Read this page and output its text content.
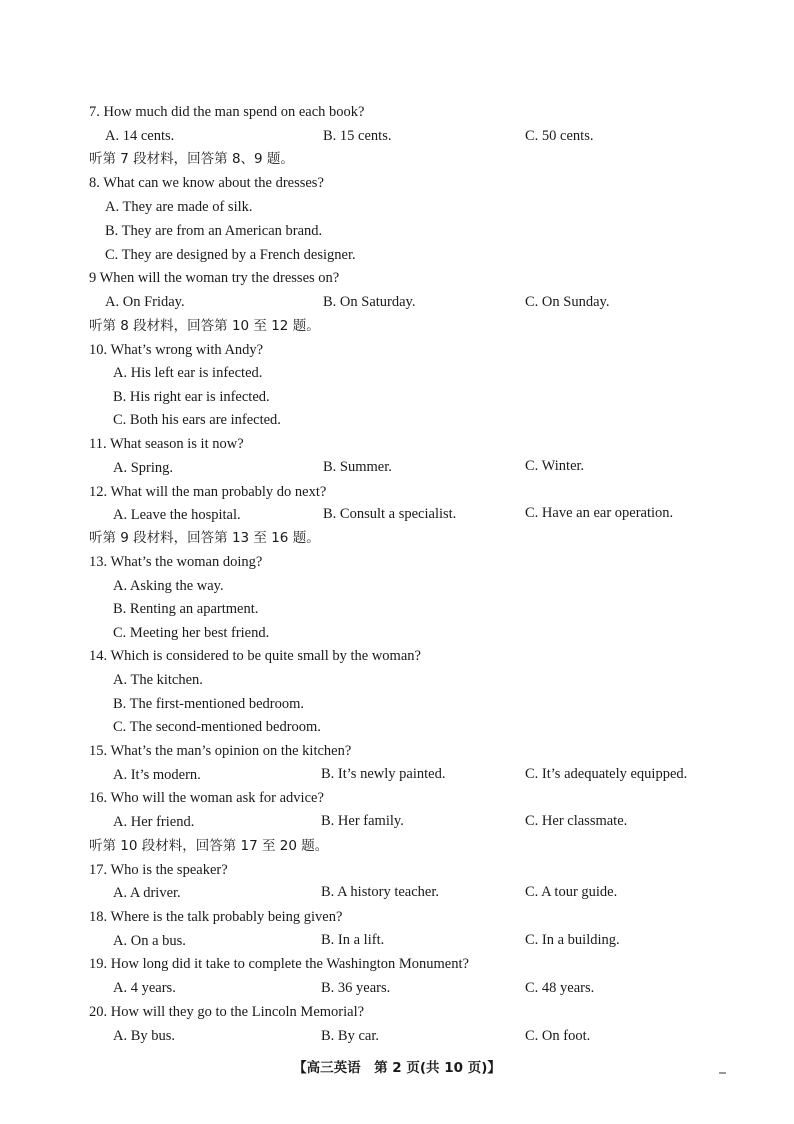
7. How much did the man spend on each book?
A. 14 cents.	B. 15 cents.	C. 50 cents.
听第 7 段材料，回答第 8、9 题。
8. What can we know about the dresses?
A. They are made of silk.
B. They are from an American brand.
C. They are designed by a French designer.
9 When will the woman try the dresses on?
A. On Friday.	B. On Saturday.	C. On Sunday.
听第 8 段材料，回答第 10 至 12 题。
10. What’s wrong with Andy?
A. His left ear is infected.
B. His right ear is infected.
C. Both his ears are infected.
11. What season is it now?
A. Spring.	B. Summer.	C. Winter.
12. What will the man probably do next?
A. Leave the hospital.	B. Consult a specialist.	C. Have an ear operation.
听第 9 段材料，回答第 13 至 16 题。
13. What’s the woman doing?
A. Asking the way.
B. Renting an apartment.
C. Meeting her best friend.
14. Which is considered to be quite small by the woman?
A. The kitchen.
B. The first-mentioned bedroom.
C. The second-mentioned bedroom.
15. What’s the man’s opinion on the kitchen?
A. It’s modern.	B. It’s newly painted.	C. It’s adequately equipped.
16. Who will the woman ask for advice?
A. Her friend.	B. Her family.	C. Her classmate.
听第 10 段材料，回答第 17 至 20 题。
17. Who is the speaker?
A. A driver.	B. A history teacher.	C. A tour guide.
18. Where is the talk probably being given?
A. On a bus.	B. In a lift.	C. In a building.
19. How long did it take to complete the Washington Monument?
A. 4 years.	B. 36 years.	C. 48 years.
20. How will they go to the Lincoln Memorial?
A. By bus.	B. By car.	C. On foot.
【高三英语　第 2 页(共 10 页)】
